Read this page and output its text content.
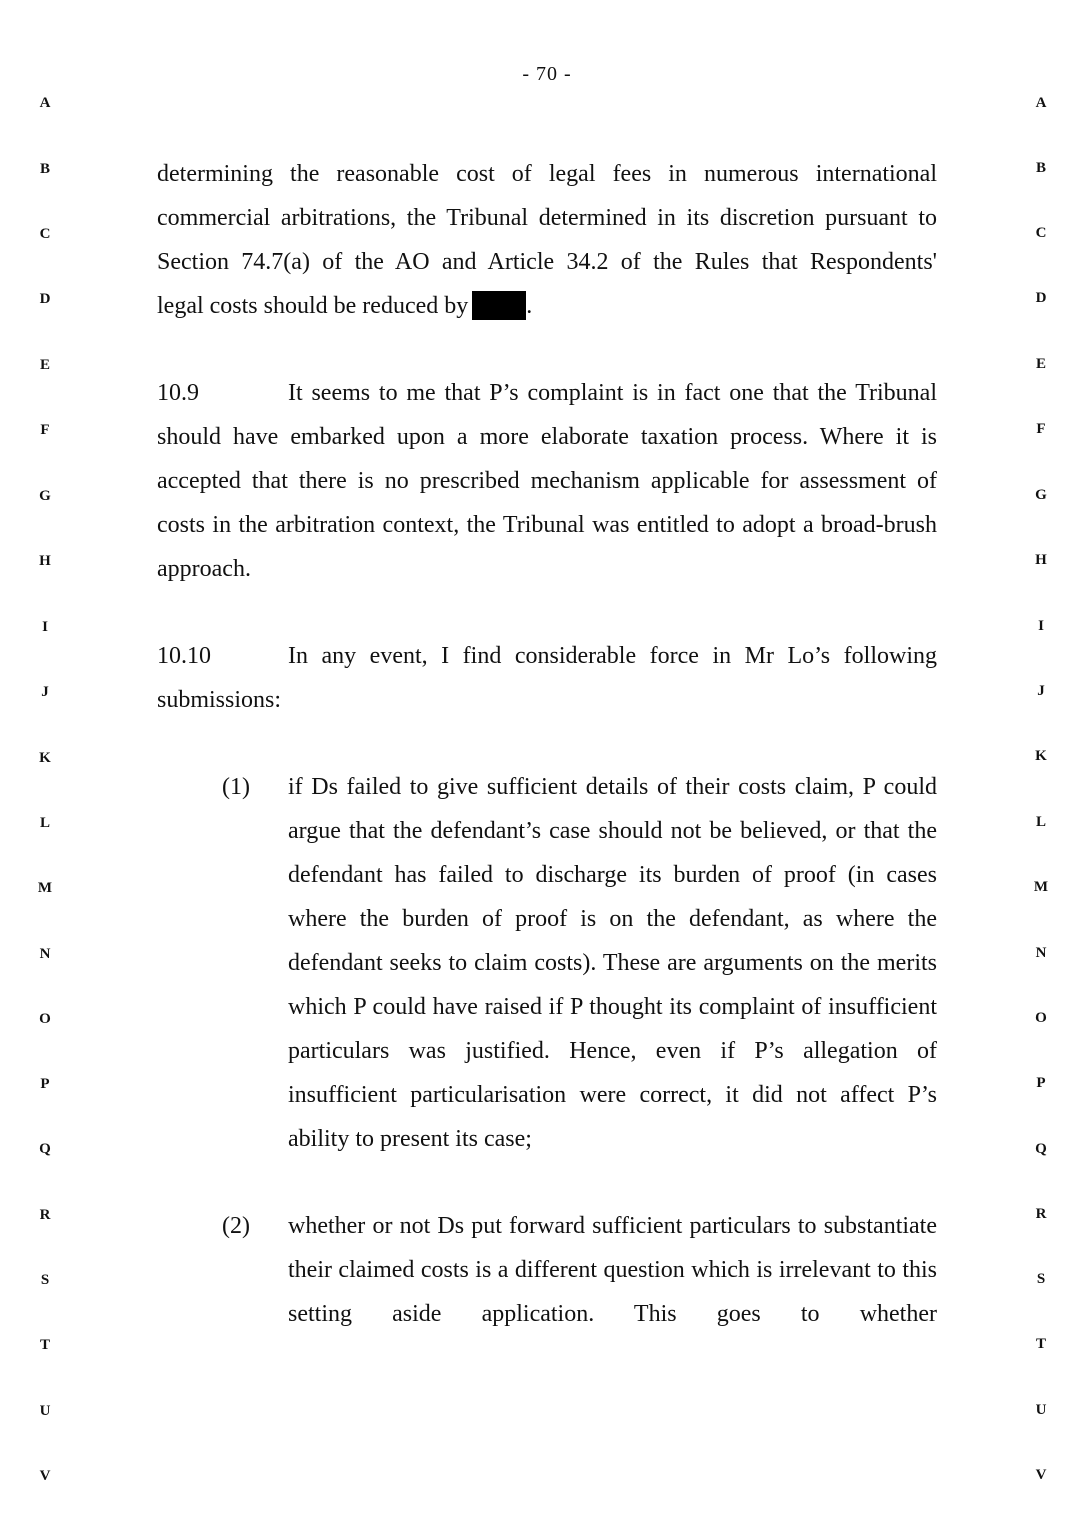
- 70 -
A
B
C
D
E
F
G
H
I
J
K
L
M
N
O
P
Q
R
S
T
U
V
A
B
C
D
E
F
G
H
I
J
K
L
M
N
O
P
Q
R
S
T
U
V
determining the reasonable cost of legal fees in numerous international
commercial arbitrations, the Tribunal determined in its discretion pursuant to
Section 74.7(a) of the AO and Article 34.2 of the Rules that Respondents'
legal costs should be reduced by .
10.9	It seems to me that P’s complaint is in fact one that the Tribunal should have embarked upon a more elaborate taxation process. Where it is accepted that there is no prescribed mechanism applicable for assessment of costs in the arbitration context, the Tribunal was entitled to adopt a broad-brush approach.
10.10	In any event, I find considerable force in Mr Lo’s following submissions:
(1)	if Ds failed to give sufficient details of their costs claim, P could argue that the defendant’s case should not be believed, or that the defendant has failed to discharge its burden of proof (in cases where the burden of proof is on the defendant, as where the defendant seeks to claim costs). These are arguments on the merits which P could have raised if P thought its complaint of insufficient particulars was justified. Hence, even if P’s allegation of insufficient particularisation were correct, it did not affect P’s ability to present its case;
(2)	whether or not Ds put forward sufficient particulars to substantiate their claimed costs is a different question which is irrelevant to this setting aside application. This goes to whether
